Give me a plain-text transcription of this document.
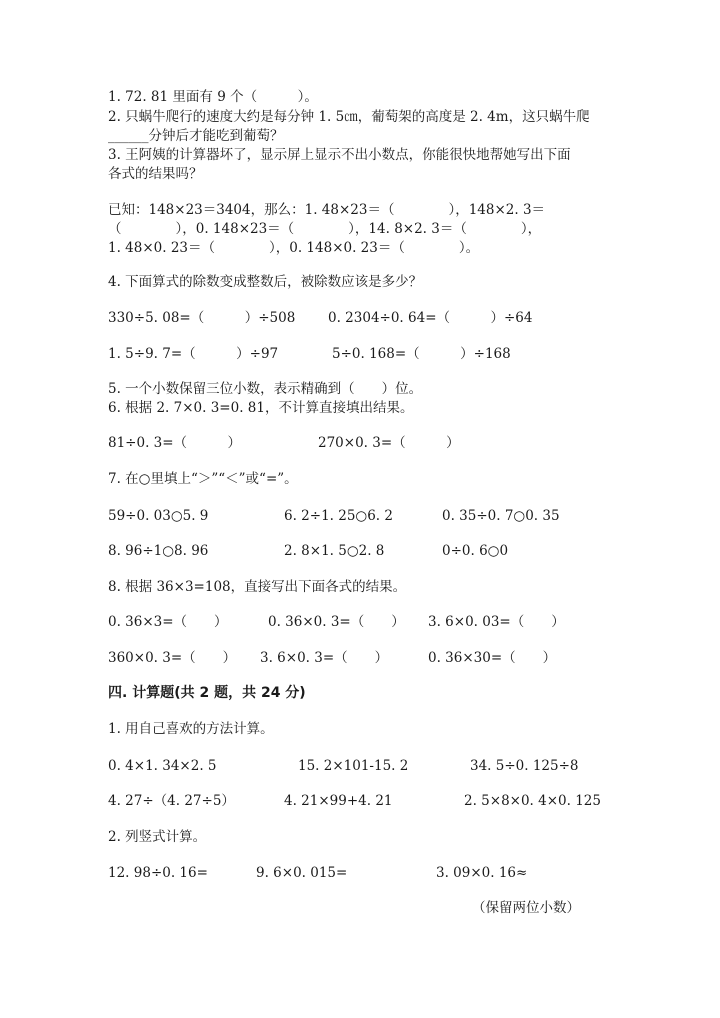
1. 72. 81 里面有 9 个（　　　）。
2. 只蜗牛爬行的速度大约是每分钟 1. 5㎝，葡萄架的高度是 2. 4m，这只蜗牛爬
______分钟后才能吃到葡萄？
3. 王阿姨的计算器坏了，显示屏上显示不出小数点，你能很快地帮她写出下面
各式的结果吗？
已知：148×23＝3404，那么：1. 48×23＝（　　　　），148×2. 3＝
（　　　　），0. 148×23＝（　　　　），14. 8×2. 3＝（　　　　），
1. 48×0. 23＝（　　　　），0. 148×0. 23＝（　　　　）。
4. 下面算式的除数变成整数后，被除数应该是多少？
330÷5. 08=（　　　）÷508 0. 2304÷0. 64=（　　　）÷64
1. 5÷9. 7=（　　　）÷97	5÷0. 168=（　　　）÷168
5. 一个小数保留三位小数，表示精确到（　　）位。
6. 根据 2. 7×0. 3=0. 81，不计算直接填出结果。
81÷0. 3=（　　　）	270×0. 3=（　　　）
7. 在○里填上“＞”“＜”或“=”。
59÷0. 03○5. 9	6. 2÷1. 25○6. 2	0. 35÷0. 7○0. 35
8. 96÷1○8. 96	2. 8×1. 5○2. 8	0÷0. 6○0
8. 根据 36×3=108，直接写出下面各式的结果。
0. 36×3=（　　）	0. 36×0. 3=（　　） 3. 6×0. 03=（　　）
360×0. 3=（　　） 3. 6×0. 3=（　　）	0. 36×30=（　　）
四. 计算题(共 2 题，共 24 分)
1. 用自己喜欢的方法计算。
0. 4×1. 34×2. 5	15. 2×101-15. 2	34. 5÷0. 125÷8
4. 27÷（4. 27÷5）	4. 21×99+4. 21	2. 5×8×0. 4×0. 125
2. 列竖式计算。
12. 98÷0. 16=	9. 6×0. 015=	3. 09×0. 16≈
（保留两位小数）
